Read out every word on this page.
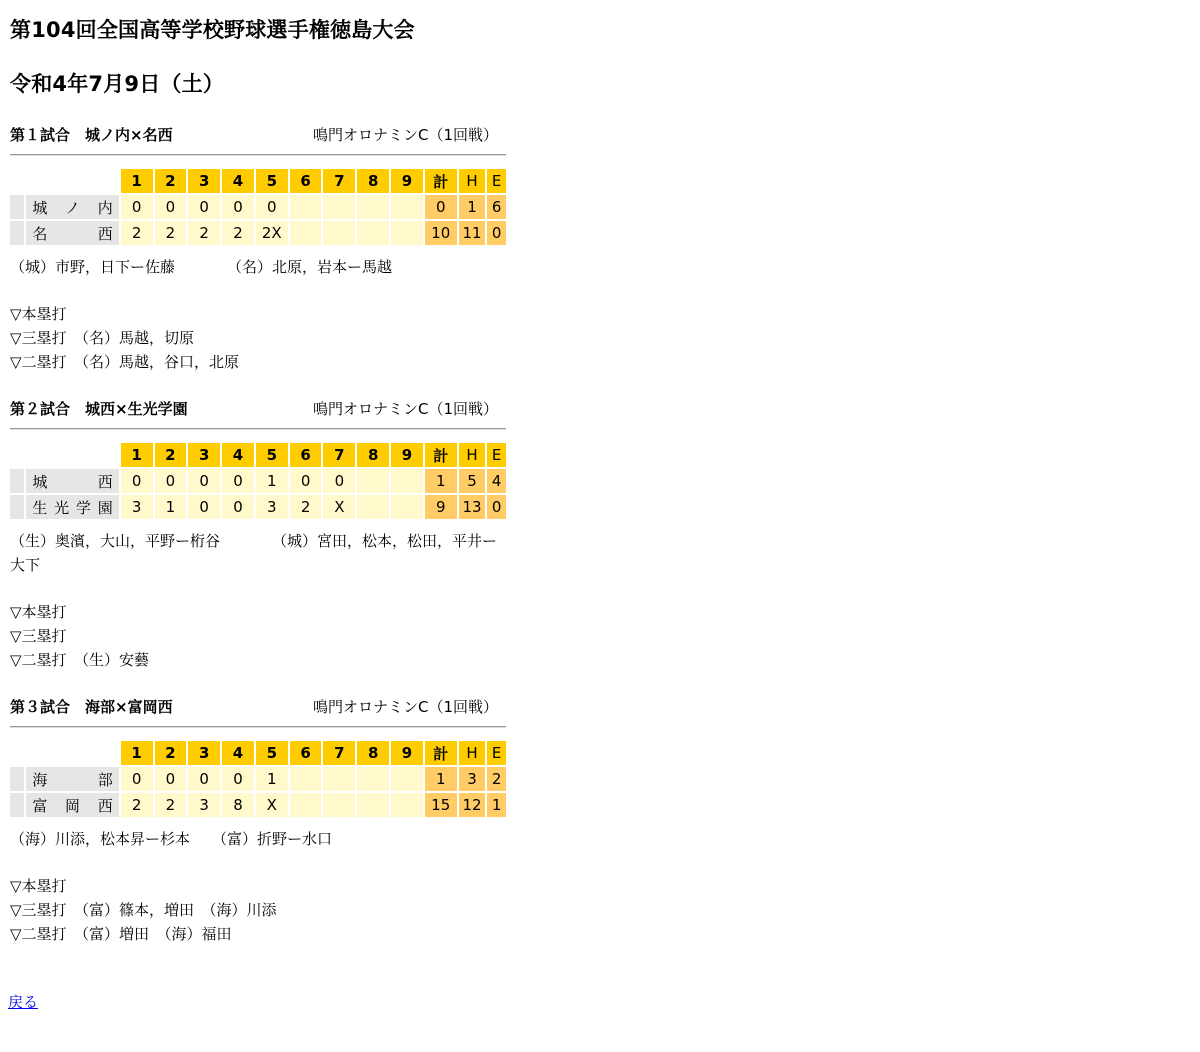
第104回全国高等学校野球選手権徳島大会
令和4年7月9日（土）
第１試合　城ノ内×名西	鳴門オロナミンC（1回戦）
		1	2	3	4	5	6	7	8	9	計	H	E
	城ノ内	0	0	0	0	0					0	1	6
	名西	2	2	2	2	2X					10	11	0
（城）市野，日下ー佐藤	（名）北原，岩本ー馬越
▽本塁打
▽三塁打　（名）馬越，切原
▽二塁打　（名）馬越，谷口，北原
第２試合　城西×生光学園	鳴門オロナミンC（1回戦）
		1	2	3	4	5	6	7	8	9	計	H	E
	城西	0	0	0	0	1	0	0			1	5	4
	生光学園	3	1	0	0	3	2	X			9	13	0
（生）奥濱，大山，平野ー桁谷	（城）宮田，松本，松田，平井ー大下
▽本塁打
▽三塁打
▽二塁打　（生）安藝
第３試合　海部×富岡西	鳴門オロナミンC（1回戦）
		1	2	3	4	5	6	7	8	9	計	H	E
	海部	0	0	0	0	1					1	3	2
	富岡西	2	2	3	8	X					15	12	1
（海）川添，松本昇ー杉本 （富）折野ー水口
▽本塁打
▽三塁打　（富）篠本，増田　（海）川添
▽二塁打　（富）増田　（海）福田
戻る
